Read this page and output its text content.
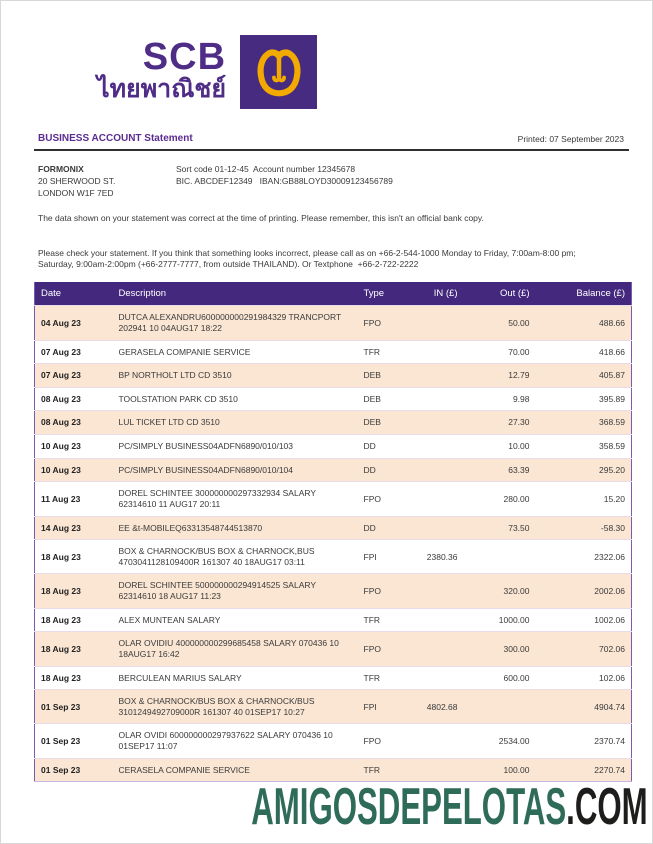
SCB
ไทยพาณิชย์
BUSINESS ACCOUNT Statement	Printed: 07 September 2023
FORMONIX
20 SHERWOOD ST.
LONDON W1F 7ED
Sort code 01-12-45  Account number 12345678
BIC. ABCDEF12349   IBAN:GB88LOYD30009123456789

The data shown on your statement was correct at the time of printing. Please remember, this isn't an official bank copy.

Please check your statement. If you think that something looks incorrect, please call as on +66-2-544-1000 Monday to Friday, 7:00am-8:00 pm; Saturday, 9:00am-2:00pm (+66-2777-7777, from outside THAILAND). Or Textphone  +66-2-722-2222

Date	Description	Type	IN (£)	Out (£)	Balance (£)
04 Aug 23	DUTCA ALEXANDRU600000000291984329 TRANCPORT 202941 10 04AUG17 18:22	FPO		50.00	488.66
07 Aug 23	GERASELA COMPANIE SERVICE	TFR		70.00	418.66
07 Aug 23	BP NORTHOLT LTD CD 3510	DEB		12.79	405.87
08 Aug 23	TOOLSTATION PARK CD 3510	DEB		9.98	395.89
08 Aug 23	LUL TICKET LTD CD 3510	DEB		27.30	368.59
10 Aug 23	PC/SIMPLY BUSINESS04ADFN6890/010/103	DD		10.00	358.59
10 Aug 23	PC/SIMPLY BUSINESS04ADFN6890/010/104	DD		63.39	295.20
11 Aug 23	DOREL SCHINTEE 300000000297332934 SALARY 62314610 11 AUG17 20:11	FPO		280.00	15.20
14 Aug 23	EE &t-MOBILEQ63313548744513870	DD		73.50	-58.30
18 Aug 23	BOX & CHARNOCK/BUS BOX & CHARNOCK,BUS 4703041128109400R 161307 40 18AUG17 03:11	FPI	2380.36		2322.06
18 Aug 23	DOREL SCHINTEE 500000000294914525 SALARY 62314610 18 AUG17 11:23	FPO		320.00	2002.06
18 Aug 23	ALEX MUNTEAN SALARY	TFR		1000.00	1002.06
18 Aug 23	OLAR OVIDIU 400000000299685458 SALARY 070436 10 18AUG17 16:42	FPO		300.00	702.06
18 Aug 23	BERCULEAN MARIUS SALARY	TFR		600.00	102.06
01 Sep 23	BOX & CHARNOCK/BUS BOX & CHARNOCK/BUS 3101249492709000R 161307 40 01SEP17 10:27	FPI	4802.68		4904.74
01 Sep 23	OLAR OVIDI 600000000297937622 SALARY 070436 10 01SEP17 11:07	FPO		2534.00	2370.74
01 Sep 23	CERASELA COMPANIE SERVICE	TFR		100.00	2270.74
AMIGOSDEPELOTAS.COM
